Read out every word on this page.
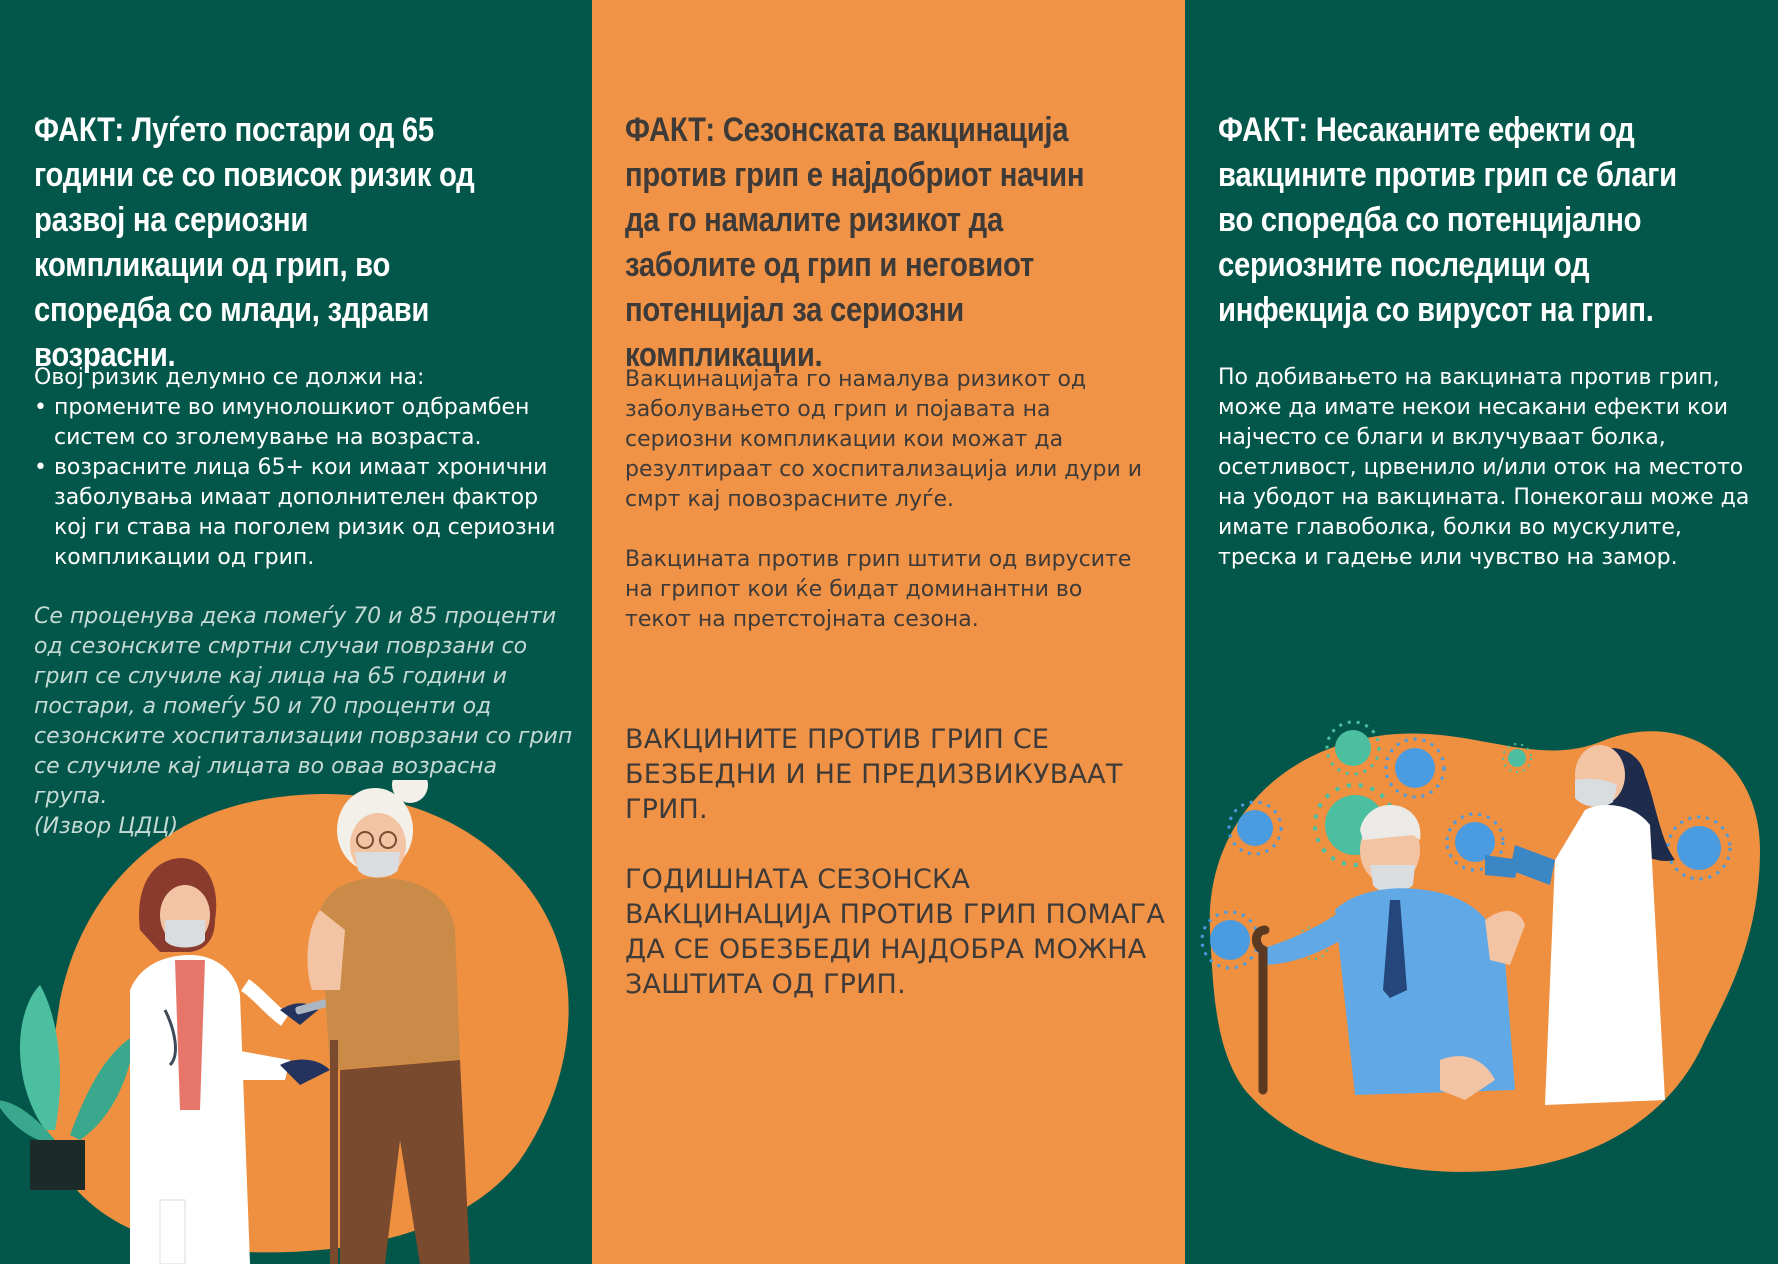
ФАКТ: Луѓето постари од 65 години се со повисок ризик од развој на сериозни компликации од грип, во споредба со млади, здрави возрасни.

Овој ризик делумно се должи на:

• промените во имунолошкиот одбрамбен систем со зголемување на возраста.

• возрасните лица 65+ кои имаат хронични заболувања имаат дополнителен фактор кој ги става на поголем ризик од сериозни компликации од грип.

Се проценува дека помеѓу 70 и 85 проценти од сезонските смртни случаи поврзани со грип се случиле кај лица на 65 години и постари, а помеѓу 50 и 70 проценти од сезонските хоспитализации поврзани со грип се случиле кај лицата во оваа возрасна група.
(Извор ЦДЦ)
ФАКТ: Сезонската вакцинација против грип е најдобриот начин да го намалите ризикот да заболите од грип и неговиот потенцијал за сериозни компликации.

Вакцинацијата го намалува ризикот од заболувањето од грип и појавата на сериозни компликации кои можат да резултираат со хоспитализација или дури и смрт кај повозрасните луѓе.

Вакцината против грип штити од вирусите на грипот кои ќе бидат доминантни во текот на претстојната сезона.

ВАКЦИНИТЕ ПРОТИВ ГРИП СЕ БЕЗБЕДНИ И НЕ ПРЕДИЗВИКУВААТ ГРИП.

ГОДИШНАТА СЕЗОНСКА ВАКЦИНАЦИЈА ПРОТИВ ГРИП ПОМАГА ДА СЕ ОБЕЗБЕДИ НАЈДОБРА МОЖНА ЗАШТИТА ОД ГРИП.

ФАКТ: Несаканите ефекти од вакцините против грип се благи во споредба со потенцијално сериозните последици од инфекција со вирусот на грип.

По добивањето на вакцината против грип, може да имате некои несакани ефекти кои најчесто се благи и вклучуваат болка, осетливост, црвенило и/или оток на местото на убодот на вакцината. Понекогаш може да имате главоболка, болки во мускулите, треска и гадење или чувство на замор.
